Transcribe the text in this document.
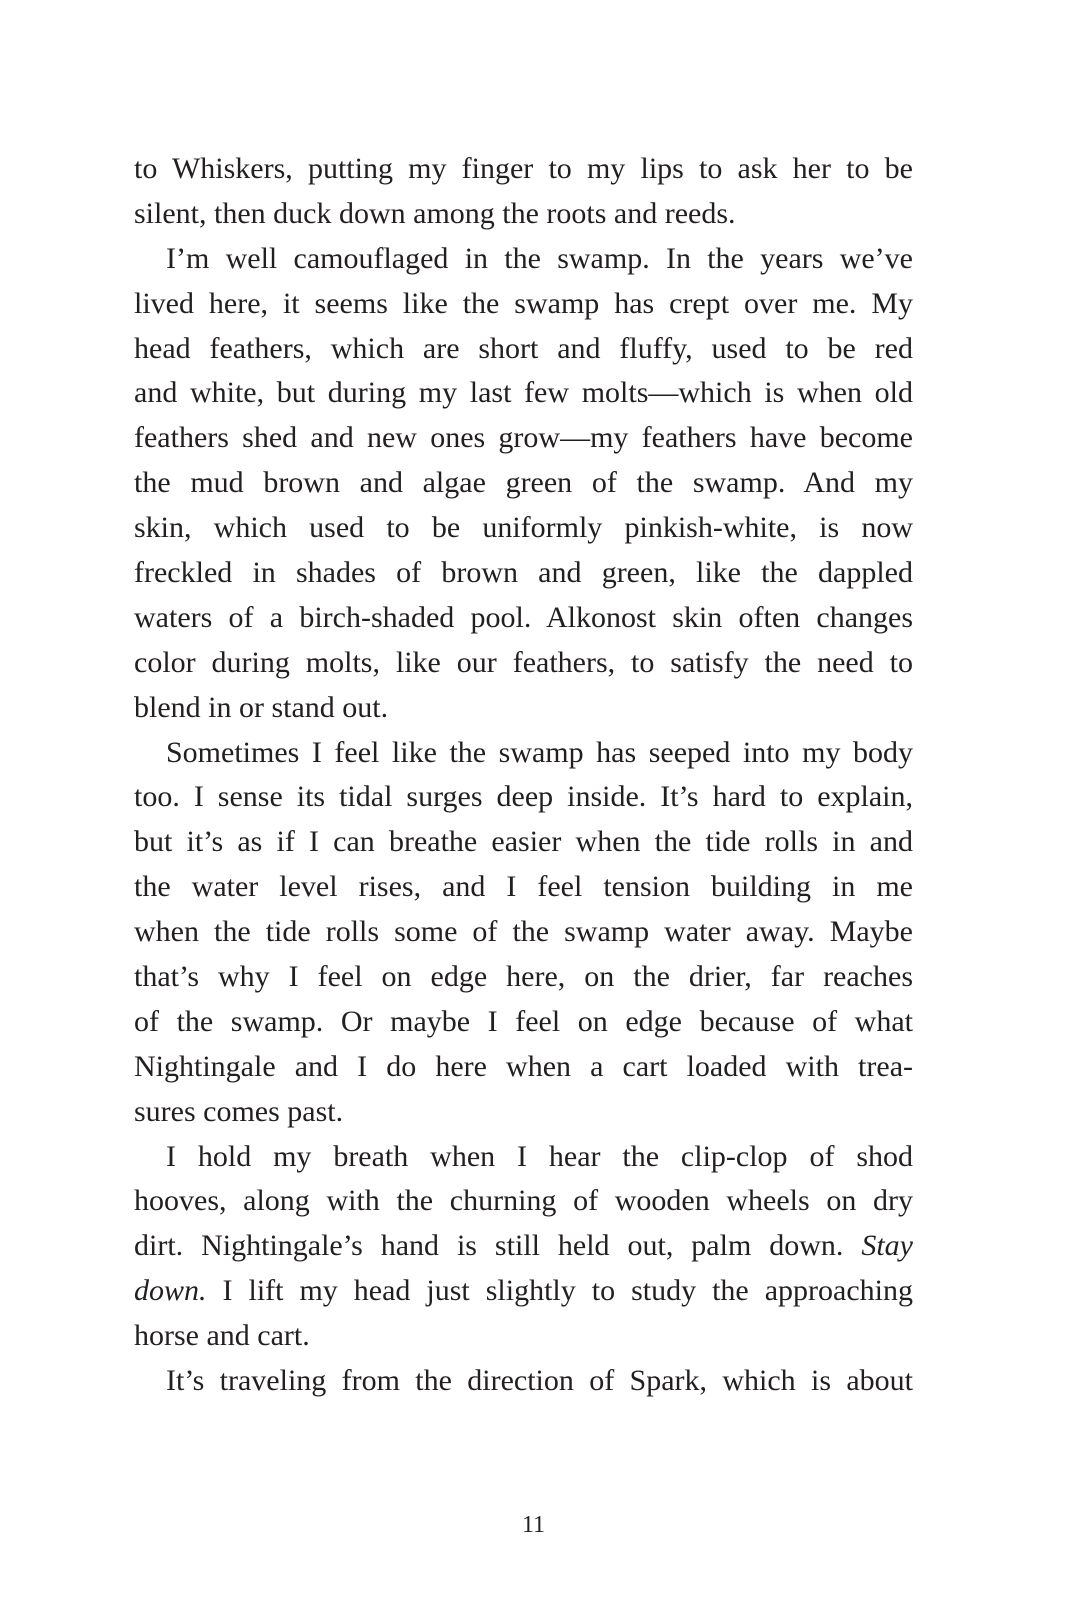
to Whiskers, putting my finger to my lips to ask her to be
silent, then duck down among the roots and reeds.
I’m well camouflaged in the swamp. In the years we’ve
lived here, it seems like the swamp has crept over me. My
head feathers, which are short and fluffy, used to be red
and white, but during my last few molts—which is when old
feathers shed and new ones grow—my feathers have become
the mud brown and algae green of the swamp. And my
skin, which used to be uniformly pinkish-white, is now
freckled in shades of brown and green, like the dappled
waters of a birch-shaded pool. Alkonost skin often changes
color during molts, like our feathers, to satisfy the need to
blend in or stand out.
Sometimes I feel like the swamp has seeped into my body
too. I sense its tidal surges deep inside. It’s hard to explain,
but it’s as if I can breathe easier when the tide rolls in and
the water level rises, and I feel tension building in me
when the tide rolls some of the swamp water away. Maybe
that’s why I feel on edge here, on the drier, far reaches
of the swamp. Or maybe I feel on edge because of what
Nightingale and I do here when a cart loaded with trea-
sures comes past.
I hold my breath when I hear the clip-clop of shod
hooves, along with the churning of wooden wheels on dry
dirt. Nightingale’s hand is still held out, palm down. Stay
down. I lift my head just slightly to study the approaching
horse and cart.
It’s traveling from the direction of Spark, which is about
11
